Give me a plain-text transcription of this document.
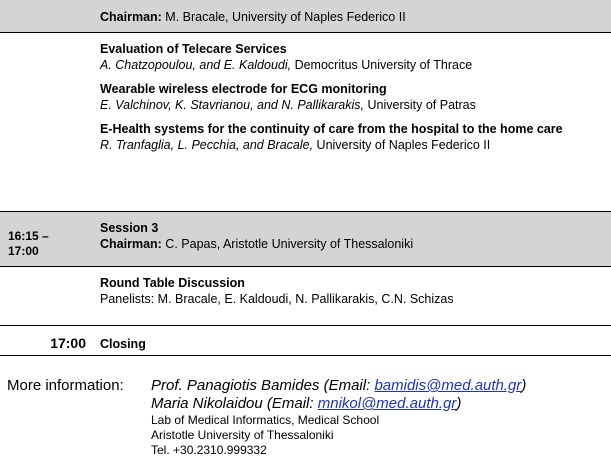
Chairman: M. Bracale, University of Naples Federico II
Evaluation of Telecare Services
A. Chatzopoulou, and E. Kaldoudi, Democritus University of Thrace
Wearable wireless electrode for ECG monitoring
E. Valchinov, K. Stavrianou, and N. Pallikarakis, University of Patras
E-Health systems for the continuity of care from the hospital to the home care
R. Tranfaglia, L. Pecchia, and Bracale, University of Naples Federico II
16:15 – 17:00
Session 3
Chairman: C. Papas, Aristotle University of Thessaloniki
Round Table Discussion
Panelists: M. Bracale, E. Kaldoudi, N. Pallikarakis, C.N. Schizas
17:00 Closing
More information: Prof. Panagiotis Bamides (Email: bamidis@med.auth.gr)
Maria Nikolaidou (Email: mnikol@med.auth.gr)
Lab of Medical Informatics, Medical School
Aristotle University of Thessaloniki
Tel. +30.2310.999332
